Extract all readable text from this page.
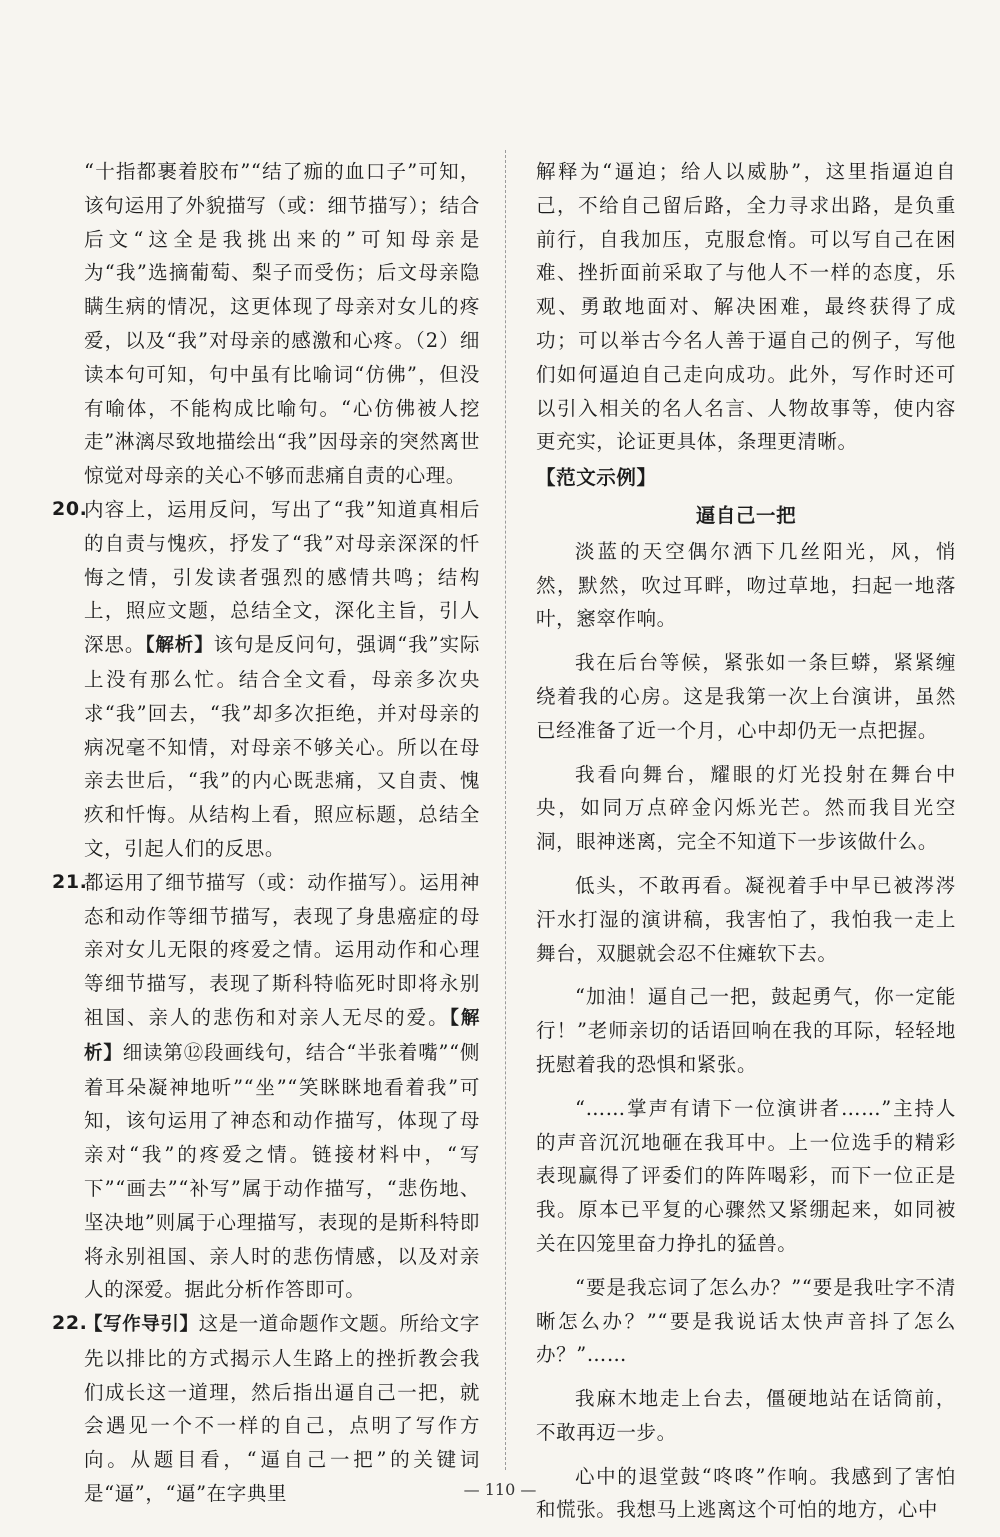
“十指都裹着胶布”“结了痂的血口子”可知，该句运用了外貌描写（或：细节描写）；结合后文“这全是我挑出来的”可知母亲是为“我”选摘葡萄、梨子而受伤；后文母亲隐瞒生病的情况，这更体现了母亲对女儿的疼爱，以及“我”对母亲的感激和心疼。（2）细读本句可知，句中虽有比喻词“仿佛”，但没有喻体，不能构成比喻句。“心仿佛被人挖走”淋漓尽致地描绘出“我”因母亲的突然离世惊觉对母亲的关心不够而悲痛自责的心理。

20.
内容上，运用反问，写出了“我”知道真相后的自责与愧疚，抒发了“我”对母亲深深的忏悔之情，引发读者强烈的感情共鸣；结构上，照应文题，总结全文，深化主旨，引人深思。【解析】该句是反问句，强调“我”实际上没有那么忙。结合全文看，母亲多次央求“我”回去，“我”却多次拒绝，并对母亲的病况毫不知情，对母亲不够关心。所以在母亲去世后，“我”的内心既悲痛，又自责、愧疚和忏悔。从结构上看，照应标题，总结全文，引起人们的反思。
21.
都运用了细节描写（或：动作描写）。运用神态和动作等细节描写，表现了身患癌症的母亲对女儿无限的疼爱之情。运用动作和心理等细节描写，表现了斯科特临死时即将永别祖国、亲人的悲伤和对亲人无尽的爱。【解析】细读第⑫段画线句，结合“半张着嘴”“侧着耳朵凝神地听”“坐”“笑眯眯地看着我”可知，该句运用了神态和动作描写，体现了母亲对“我”的疼爱之情。链接材料中，“写下”“画去”“补写”属于动作描写，“悲伤地、坚决地”则属于心理描写，表现的是斯科特即将永别祖国、亲人时的悲伤情感，以及对亲人的深爱。据此分析作答即可。
22.
【写作导引】这是一道命题作文题。所给文字先以排比的方式揭示人生路上的挫折教会我们成长这一道理，然后指出逼自己一把，就会遇见一个不一样的自己，点明了写作方向。从题目看，“逼自己一把”的关键词是“逼”，“逼”在字典里

解释为“逼迫；给人以威胁”，这里指逼迫自己，不给自己留后路，全力寻求出路，是负重前行，自我加压，克服怠惰。可以写自己在困难、挫折面前采取了与他人不一样的态度，乐观、勇敢地面对、解决困难，最终获得了成功；可以举古今名人善于逼自己的例子，写他们如何逼迫自己走向成功。此外，写作时还可以引入相关的名人名言、人物故事等，使内容更充实，论证更具体，条理更清晰。

【范文示例】

逼自己一把

淡蓝的天空偶尔洒下几丝阳光，风，悄然，默然，吹过耳畔，吻过草地，扫起一地落叶，窸窣作响。

我在后台等候，紧张如一条巨蟒，紧紧缠绕着我的心房。这是我第一次上台演讲，虽然已经准备了近一个月，心中却仍无一点把握。

我看向舞台，耀眼的灯光投射在舞台中央，如同万点碎金闪烁光芒。然而我目光空洞，眼神迷离，完全不知道下一步该做什么。

低头，不敢再看。凝视着手中早已被涔涔汗水打湿的演讲稿，我害怕了，我怕我一走上舞台，双腿就会忍不住瘫软下去。

“加油！逼自己一把，鼓起勇气，你一定能行！”老师亲切的话语回响在我的耳际，轻轻地抚慰着我的恐惧和紧张。

“……掌声有请下一位演讲者……”主持人的声音沉沉地砸在我耳中。上一位选手的精彩表现赢得了评委们的阵阵喝彩，而下一位正是我。原本已平复的心骤然又紧绷起来，如同被关在囚笼里奋力挣扎的猛兽。

“要是我忘词了怎么办？”“要是我吐字不清晰怎么办？”“要是我说话太快声音抖了怎么办？”……

我麻木地走上台去，僵硬地站在话筒前，不敢再迈一步。

心中的退堂鼓“咚咚”作响。我感到了害怕和慌张。我想马上逃离这个可怕的地方，心中

— 110 —
